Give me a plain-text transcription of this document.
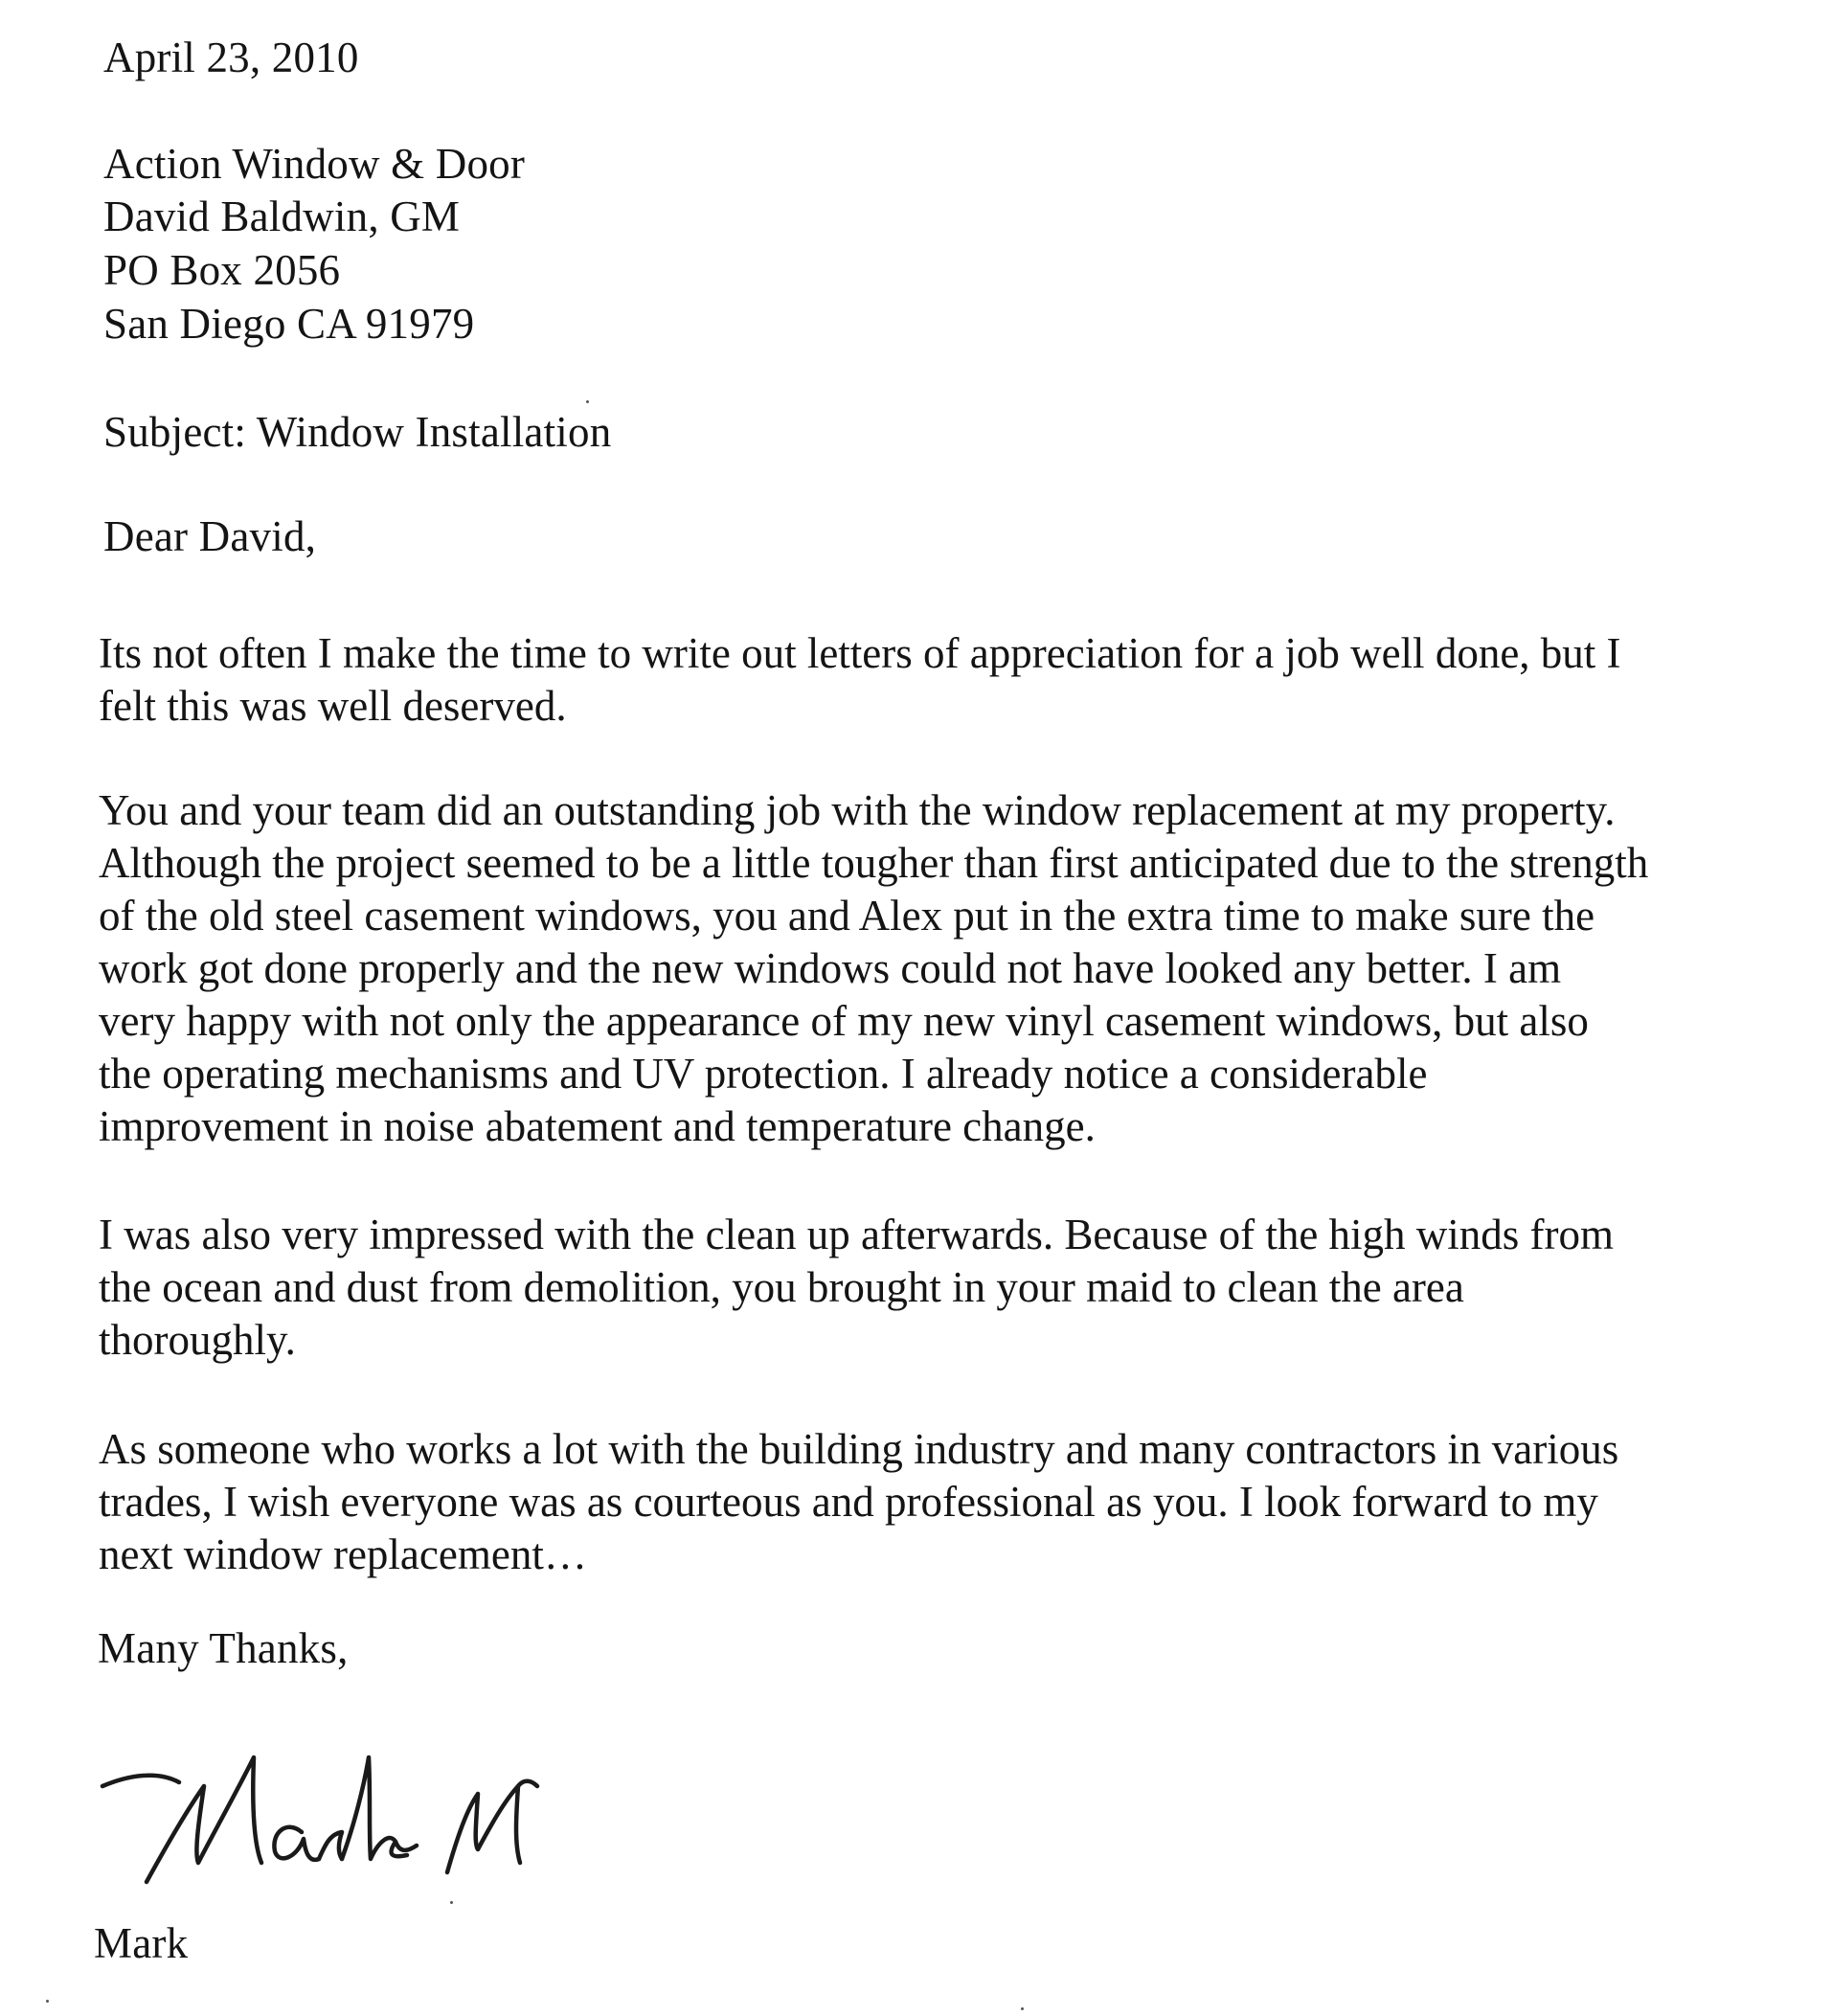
April 23, 2010
Action Window & Door
David Baldwin, GM
PO Box 2056
San Diego CA 91979
Subject: Window Installation
Dear David,
Its not often I make the time to write out letters of appreciation for a job well done, but I
felt this was well deserved.
You and your team did an outstanding job with the window replacement at my property.
Although the project seemed to be a little tougher than first anticipated due to the strength
of the old steel casement windows, you and Alex put in the extra time to make sure the
work got done properly and the new windows could not have looked any better. I am
very happy with not only the appearance of my new vinyl casement windows, but also
the operating mechanisms and UV protection. I already notice a considerable
improvement in noise abatement and temperature change.
I was also very impressed with the clean up afterwards. Because of the high winds from
the ocean and dust from demolition, you brought in your maid to clean the area
thoroughly.
As someone who works a lot with the building industry and many contractors in various
trades, I wish everyone was as courteous and professional as you. I look forward to my
next window replacement…
Many Thanks,
Mark
